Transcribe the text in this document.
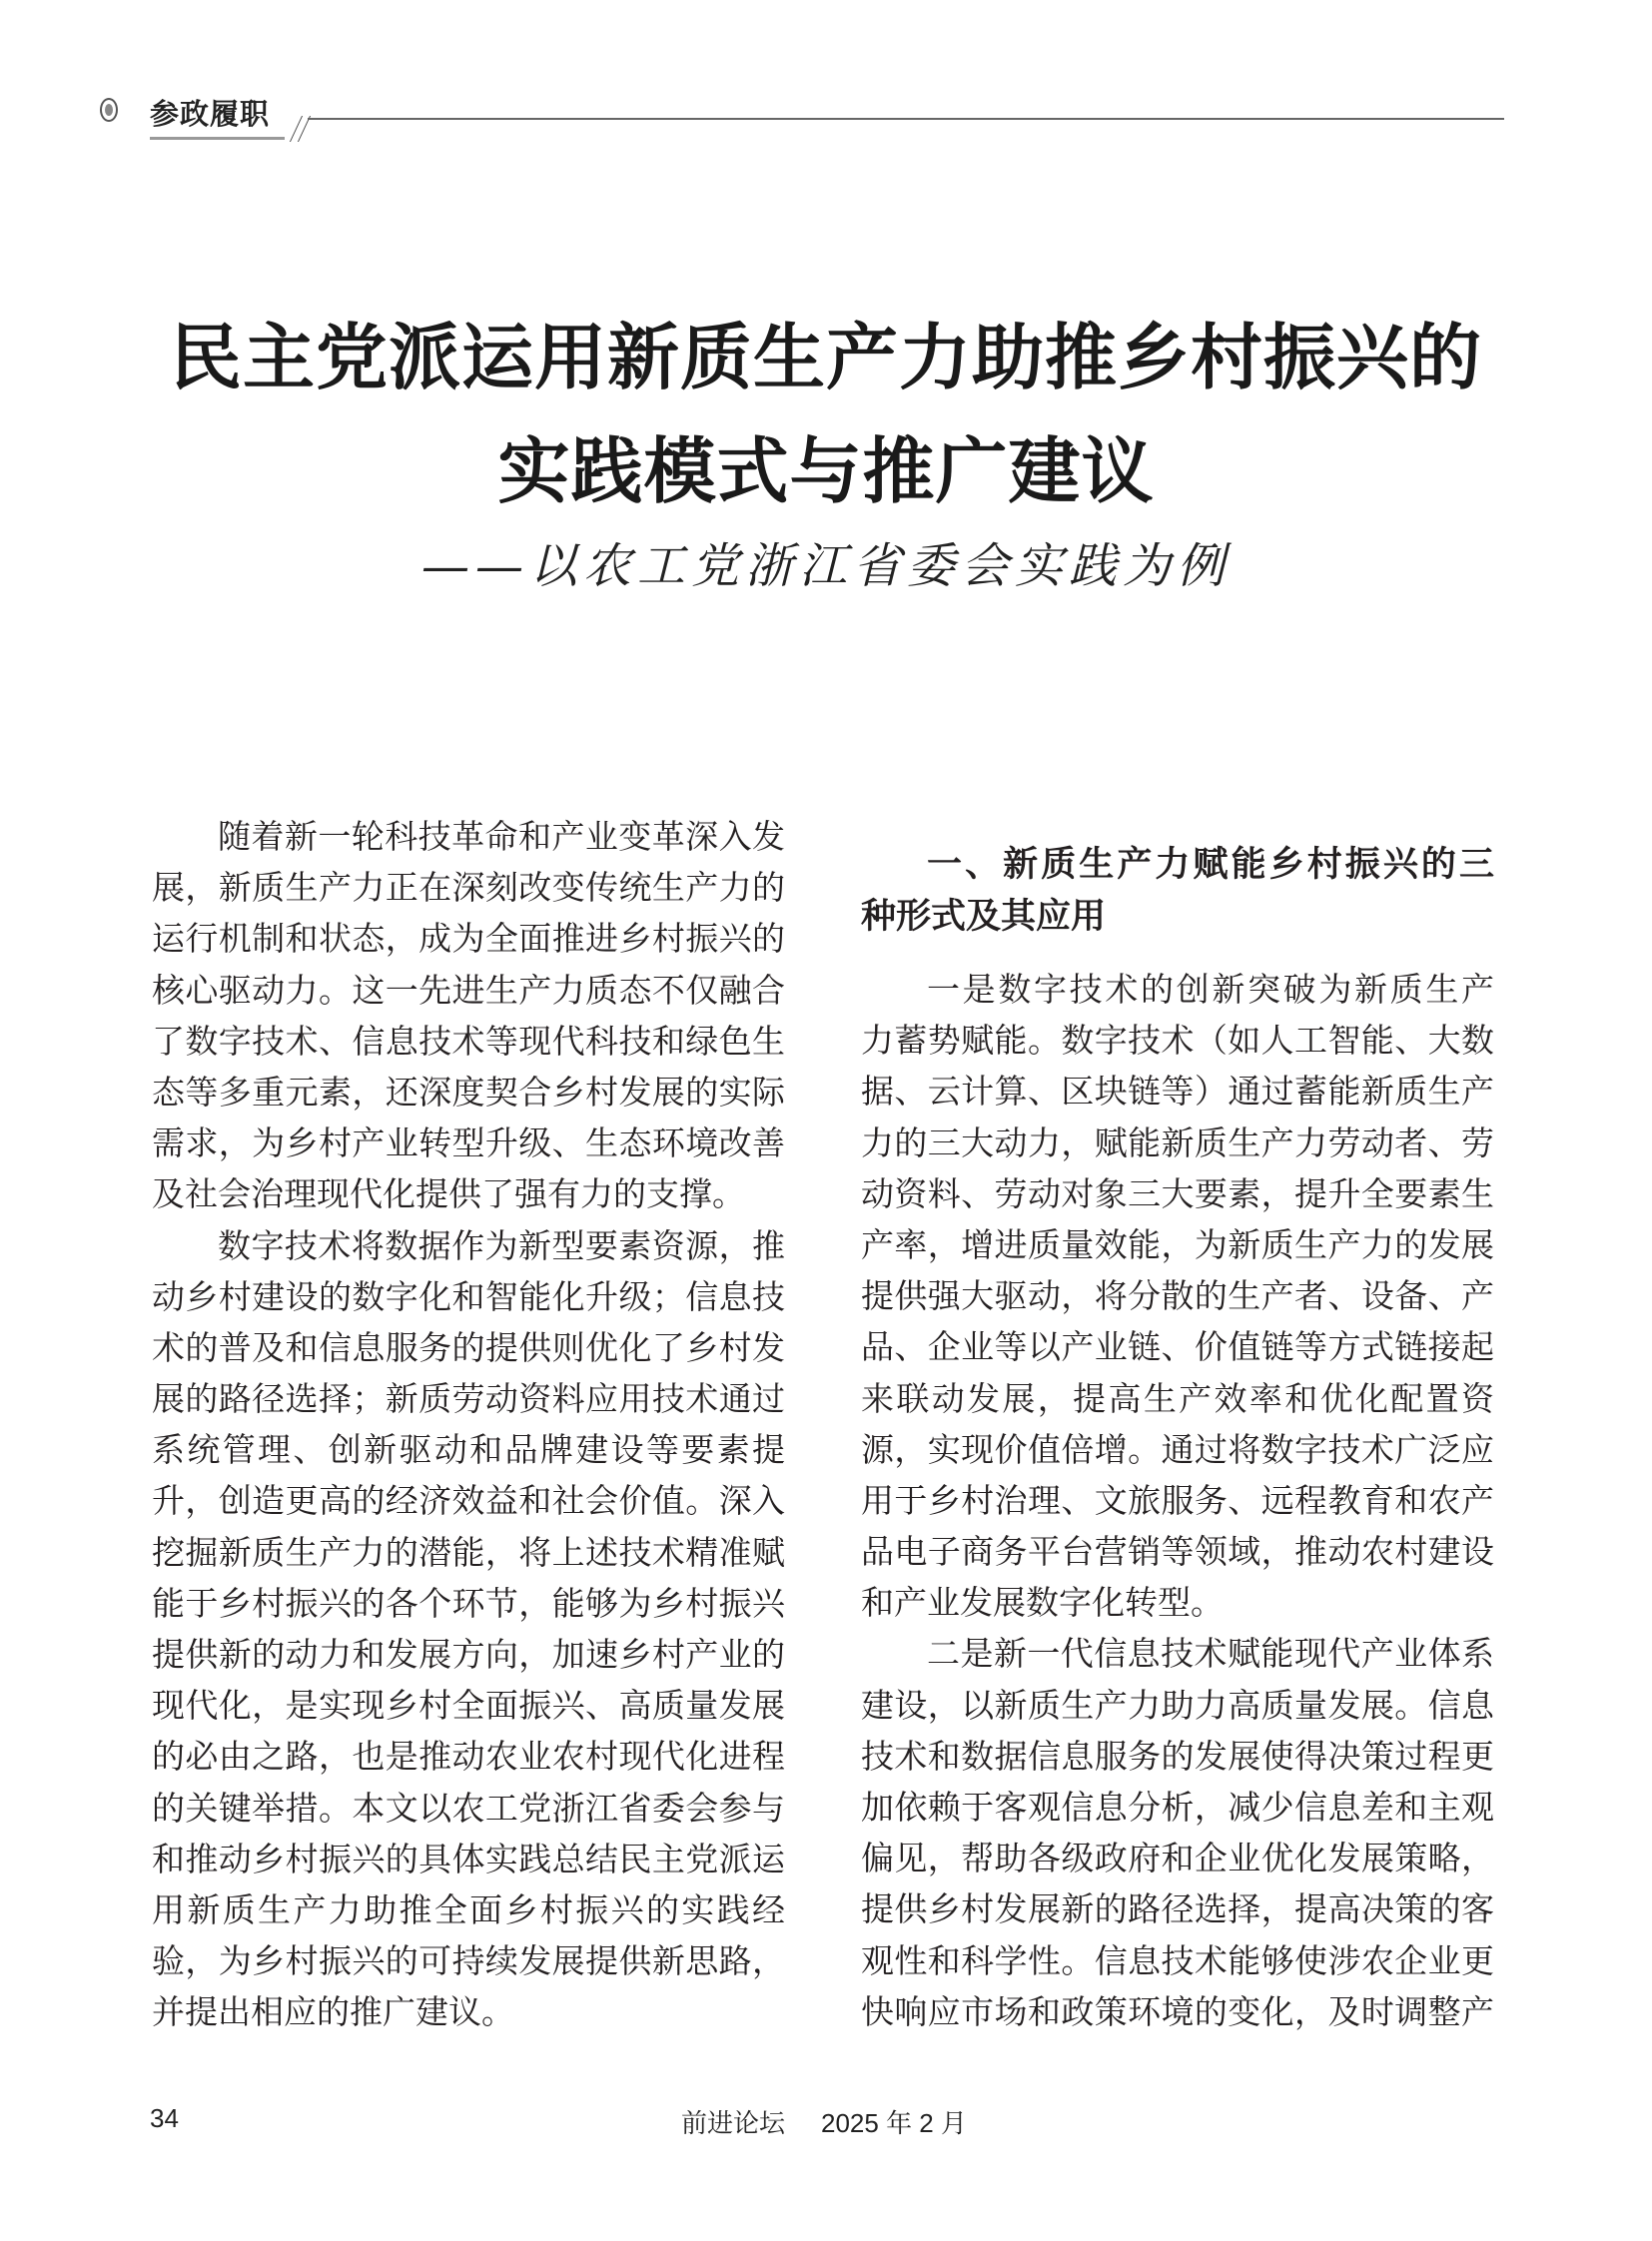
参政履职
民主党派运用新质生产力助推乡村振兴的
实践模式与推广建议
——以农工党浙江省委会实践为例
随着新一轮科技革命和产业变革深入发
展，新质生产力正在深刻改变传统生产力的
运行机制和状态，成为全面推进乡村振兴的
核心驱动力。这一先进生产力质态不仅融合
了数字技术、信息技术等现代科技和绿色生
态等多重元素，还深度契合乡村发展的实际
需求，为乡村产业转型升级、生态环境改善
及社会治理现代化提供了强有力的支撑。
数字技术将数据作为新型要素资源，推
动乡村建设的数字化和智能化升级；信息技
术的普及和信息服务的提供则优化了乡村发
展的路径选择；新质劳动资料应用技术通过
系统管理、创新驱动和品牌建设等要素提
升，创造更高的经济效益和社会价值。深入
挖掘新质生产力的潜能，将上述技术精准赋
能于乡村振兴的各个环节，能够为乡村振兴
提供新的动力和发展方向，加速乡村产业的
现代化，是实现乡村全面振兴、高质量发展
的必由之路，也是推动农业农村现代化进程
的关键举措。本文以农工党浙江省委会参与
和推动乡村振兴的具体实践总结民主党派运
用新质生产力助推全面乡村振兴的实践经
验，为乡村振兴的可持续发展提供新思路，
并提出相应的推广建议。
一、新质生产力赋能乡村振兴的三
种形式及其应用
一是数字技术的创新突破为新质生产
力蓄势赋能。数字技术（如人工智能、大数
据、云计算、区块链等）通过蓄能新质生产
力的三大动力，赋能新质生产力劳动者、劳
动资料、劳动对象三大要素，提升全要素生
产率，增进质量效能，为新质生产力的发展
提供强大驱动，将分散的生产者、设备、产
品、企业等以产业链、价值链等方式链接起
来联动发展，提高生产效率和优化配置资
源，实现价值倍增。通过将数字技术广泛应
用于乡村治理、文旅服务、远程教育和农产
品电子商务平台营销等领域，推动农村建设
和产业发展数字化转型。
二是新一代信息技术赋能现代产业体系
建设，以新质生产力助力高质量发展。信息
技术和数据信息服务的发展使得决策过程更
加依赖于客观信息分析，减少信息差和主观
偏见，帮助各级政府和企业优化发展策略，
提供乡村发展新的路径选择，提高决策的客
观性和科学性。信息技术能够使涉农企业更
快响应市场和政策环境的变化，及时调整产
34	前进论坛 2025 年 2 月
